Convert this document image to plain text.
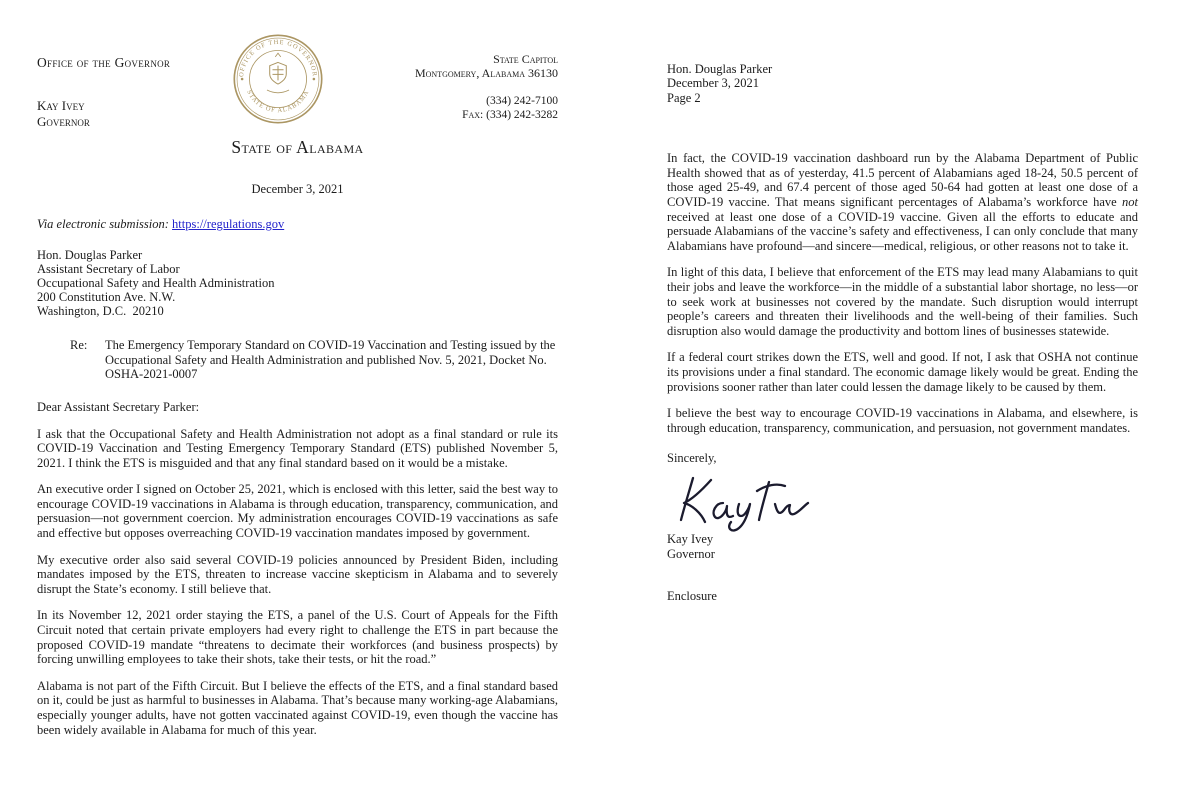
Office of the Governor
Kay Ivey
Governor
OFFICE OF THE GOVERNOR
STATE OF ALABAMA
State Capitol
Montgomery, Alabama 36130
(334) 242-7100
Fax: (334) 242-3282
State of Alabama
December 3, 2021
Via electronic submission: https://regulations.gov
Hon. Douglas Parker
Assistant Secretary of Labor
Occupational Safety and Health Administration
200 Constitution Ave. N.W.
Washington, D.C.  20210
Re: The Emergency Temporary Standard on COVID-19 Vaccination and Testing issued by the Occupational Safety and Health Administration and published Nov. 5, 2021, Docket No. OSHA-2021-0007
Dear Assistant Secretary Parker:

I ask that the Occupational Safety and Health Administration not adopt as a final standard or rule its COVID-19 Vaccination and Testing Emergency Temporary Standard (ETS) published November 5, 2021. I think the ETS is misguided and that any final standard based on it would be a mistake.

An executive order I signed on October 25, 2021, which is enclosed with this letter, said the best way to encourage COVID-19 vaccinations in Alabama is through education, transparency, communication, and persuasion—not government coercion. My administration encourages COVID-19 vaccinations as safe and effective but opposes overreaching COVID-19 vaccination mandates imposed by government.

My executive order also said several COVID-19 policies announced by President Biden, including mandates imposed by the ETS, threaten to increase vaccine skepticism in Alabama and to severely disrupt the State’s economy. I still believe that.

In its November 12, 2021 order staying the ETS, a panel of the U.S. Court of Appeals for the Fifth Circuit noted that certain private employers had every right to challenge the ETS in part because the proposed COVID-19 mandate “threatens to decimate their workforces (and business prospects) by forcing unwilling employees to take their shots, take their tests, or hit the road.”

Alabama is not part of the Fifth Circuit. But I believe the effects of the ETS, and a final standard based on it, could be just as harmful to businesses in Alabama. That’s because many working-age Alabamians, especially younger adults, have not gotten vaccinated against COVID-19, even though the vaccine has been widely available in Alabama for much of this year.

Hon. Douglas Parker
December 3, 2021
Page 2

In fact, the COVID-19 vaccination dashboard run by the Alabama Department of Public Health showed that as of yesterday, 41.5 percent of Alabamians aged 18-24, 50.5 percent of those aged 25-49, and 67.4 percent of those aged 50-64 had gotten at least one dose of a COVID-19 vaccine. That means significant percentages of Alabama’s workforce have not received at least one dose of a COVID-19 vaccine. Given all the efforts to educate and persuade Alabamians of the vaccine’s safety and effectiveness, I can only conclude that many Alabamians have profound—and sincere—medical, religious, or other reasons not to take it.

In light of this data, I believe that enforcement of the ETS may lead many Alabamians to quit their jobs and leave the workforce—in the middle of a substantial labor shortage, no less—or to seek work at businesses not covered by the mandate. Such disruption would interrupt people’s careers and threaten their livelihoods and the well-being of their families. Such disruption also would damage the productivity and bottom lines of businesses statewide.

If a federal court strikes down the ETS, well and good. If not, I ask that OSHA not continue its provisions under a final standard. The economic damage likely would be great. Ending the provisions sooner rather than later could lessen the damage likely to be caused by them.

I believe the best way to encourage COVID-19 vaccinations in Alabama, and elsewhere, is through education, transparency, communication, and persuasion, not government mandates.

Sincerely,
Kay Ivey
Governor
Enclosure
